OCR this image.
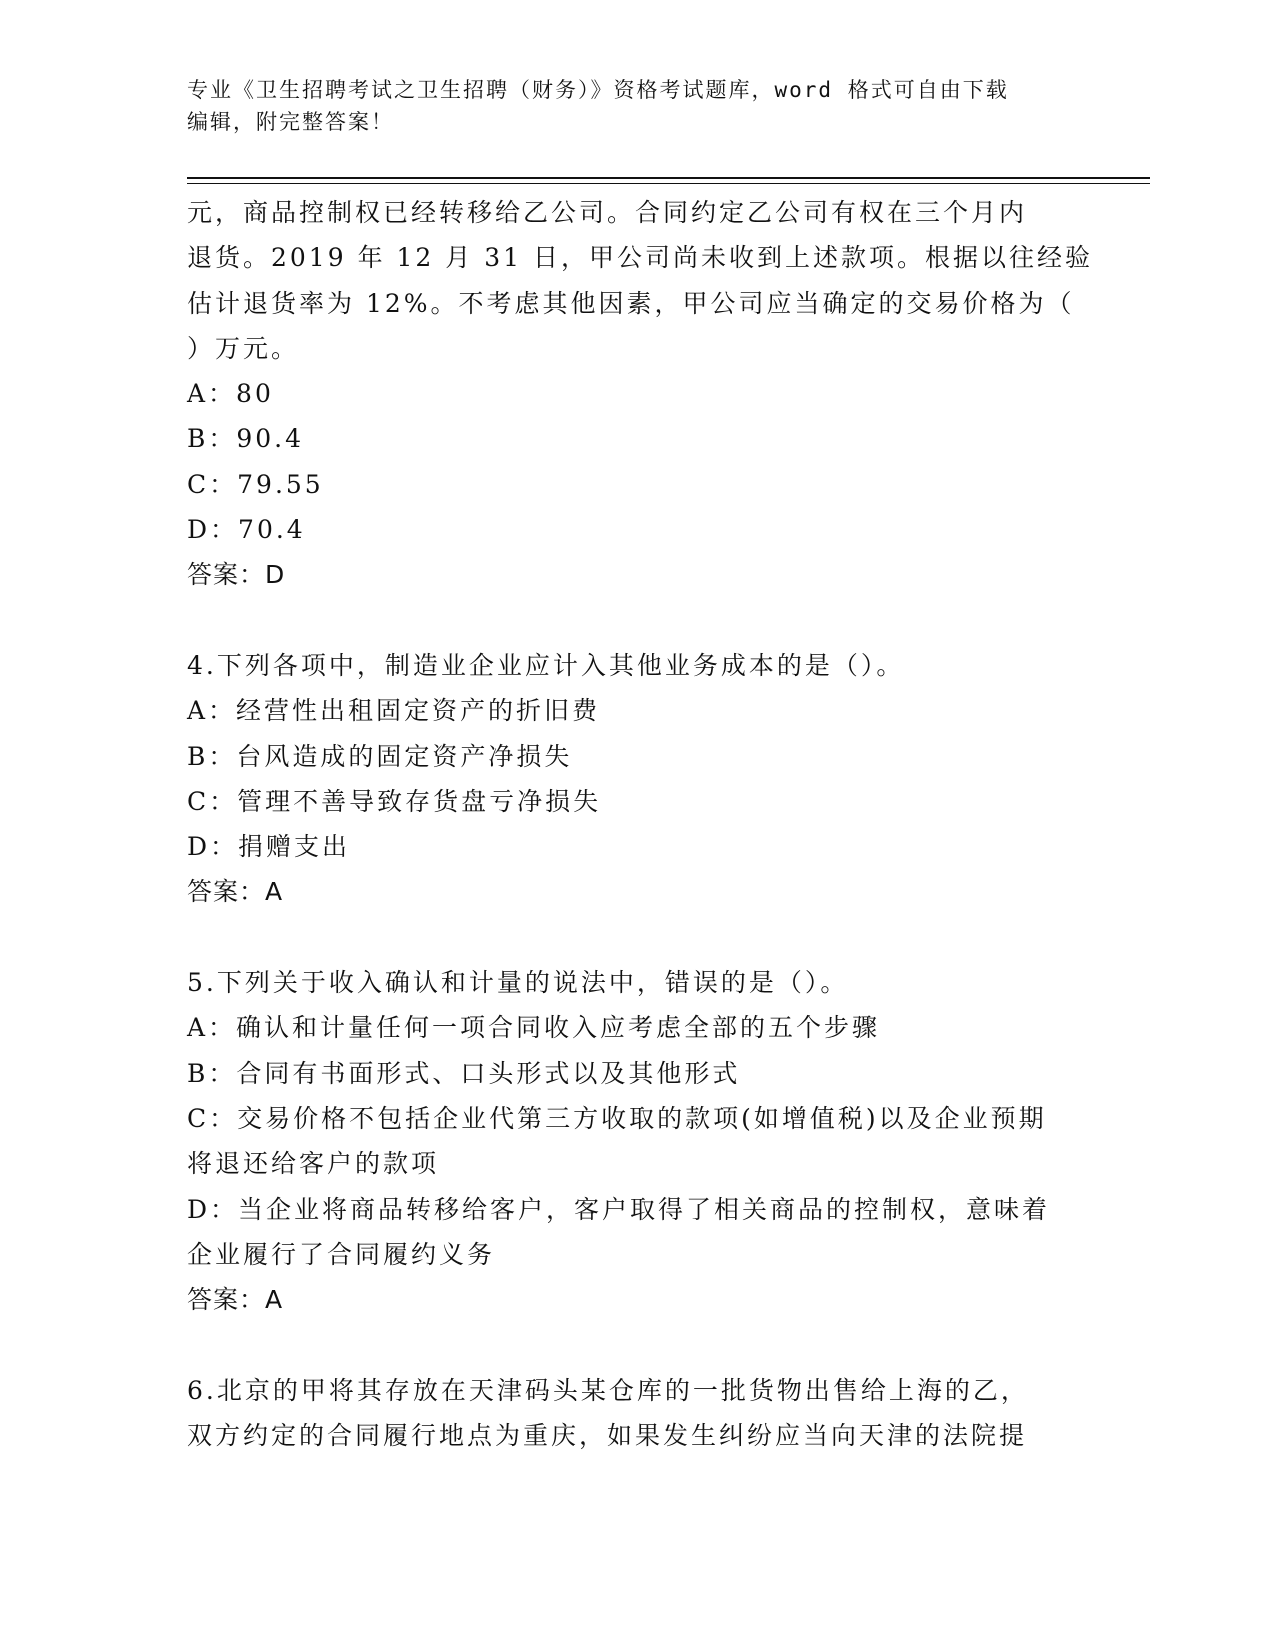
专业《卫生招聘考试之卫生招聘（财务）》资格考试题库，word 格式可自由下载
编辑，附完整答案！
元，商品控制权已经转移给乙公司。合同约定乙公司有权在三个月内
退货。2019 年 12 月 31 日，甲公司尚未收到上述款项。根据以往经验
估计退货率为 12%。不考虑其他因素，甲公司应当确定的交易价格为（
）万元。
A：80
B：90.4
C：79.55
D：70.4
答案：D
4.下列各项中，制造业企业应计入其他业务成本的是（）。
A：经营性出租固定资产的折旧费
B：台风造成的固定资产净损失
C：管理不善导致存货盘亏净损失
D：捐赠支出
答案：A
5.下列关于收入确认和计量的说法中，错误的是（）。
A：确认和计量任何一项合同收入应考虑全部的五个步骤
B：合同有书面形式、口头形式以及其他形式
C：交易价格不包括企业代第三方收取的款项(如增值税)以及企业预期
将退还给客户的款项
D：当企业将商品转移给客户，客户取得了相关商品的控制权，意味着
企业履行了合同履约义务
答案：A
6.北京的甲将其存放在天津码头某仓库的一批货物出售给上海的乙，
双方约定的合同履行地点为重庆，如果发生纠纷应当向天津的法院提
